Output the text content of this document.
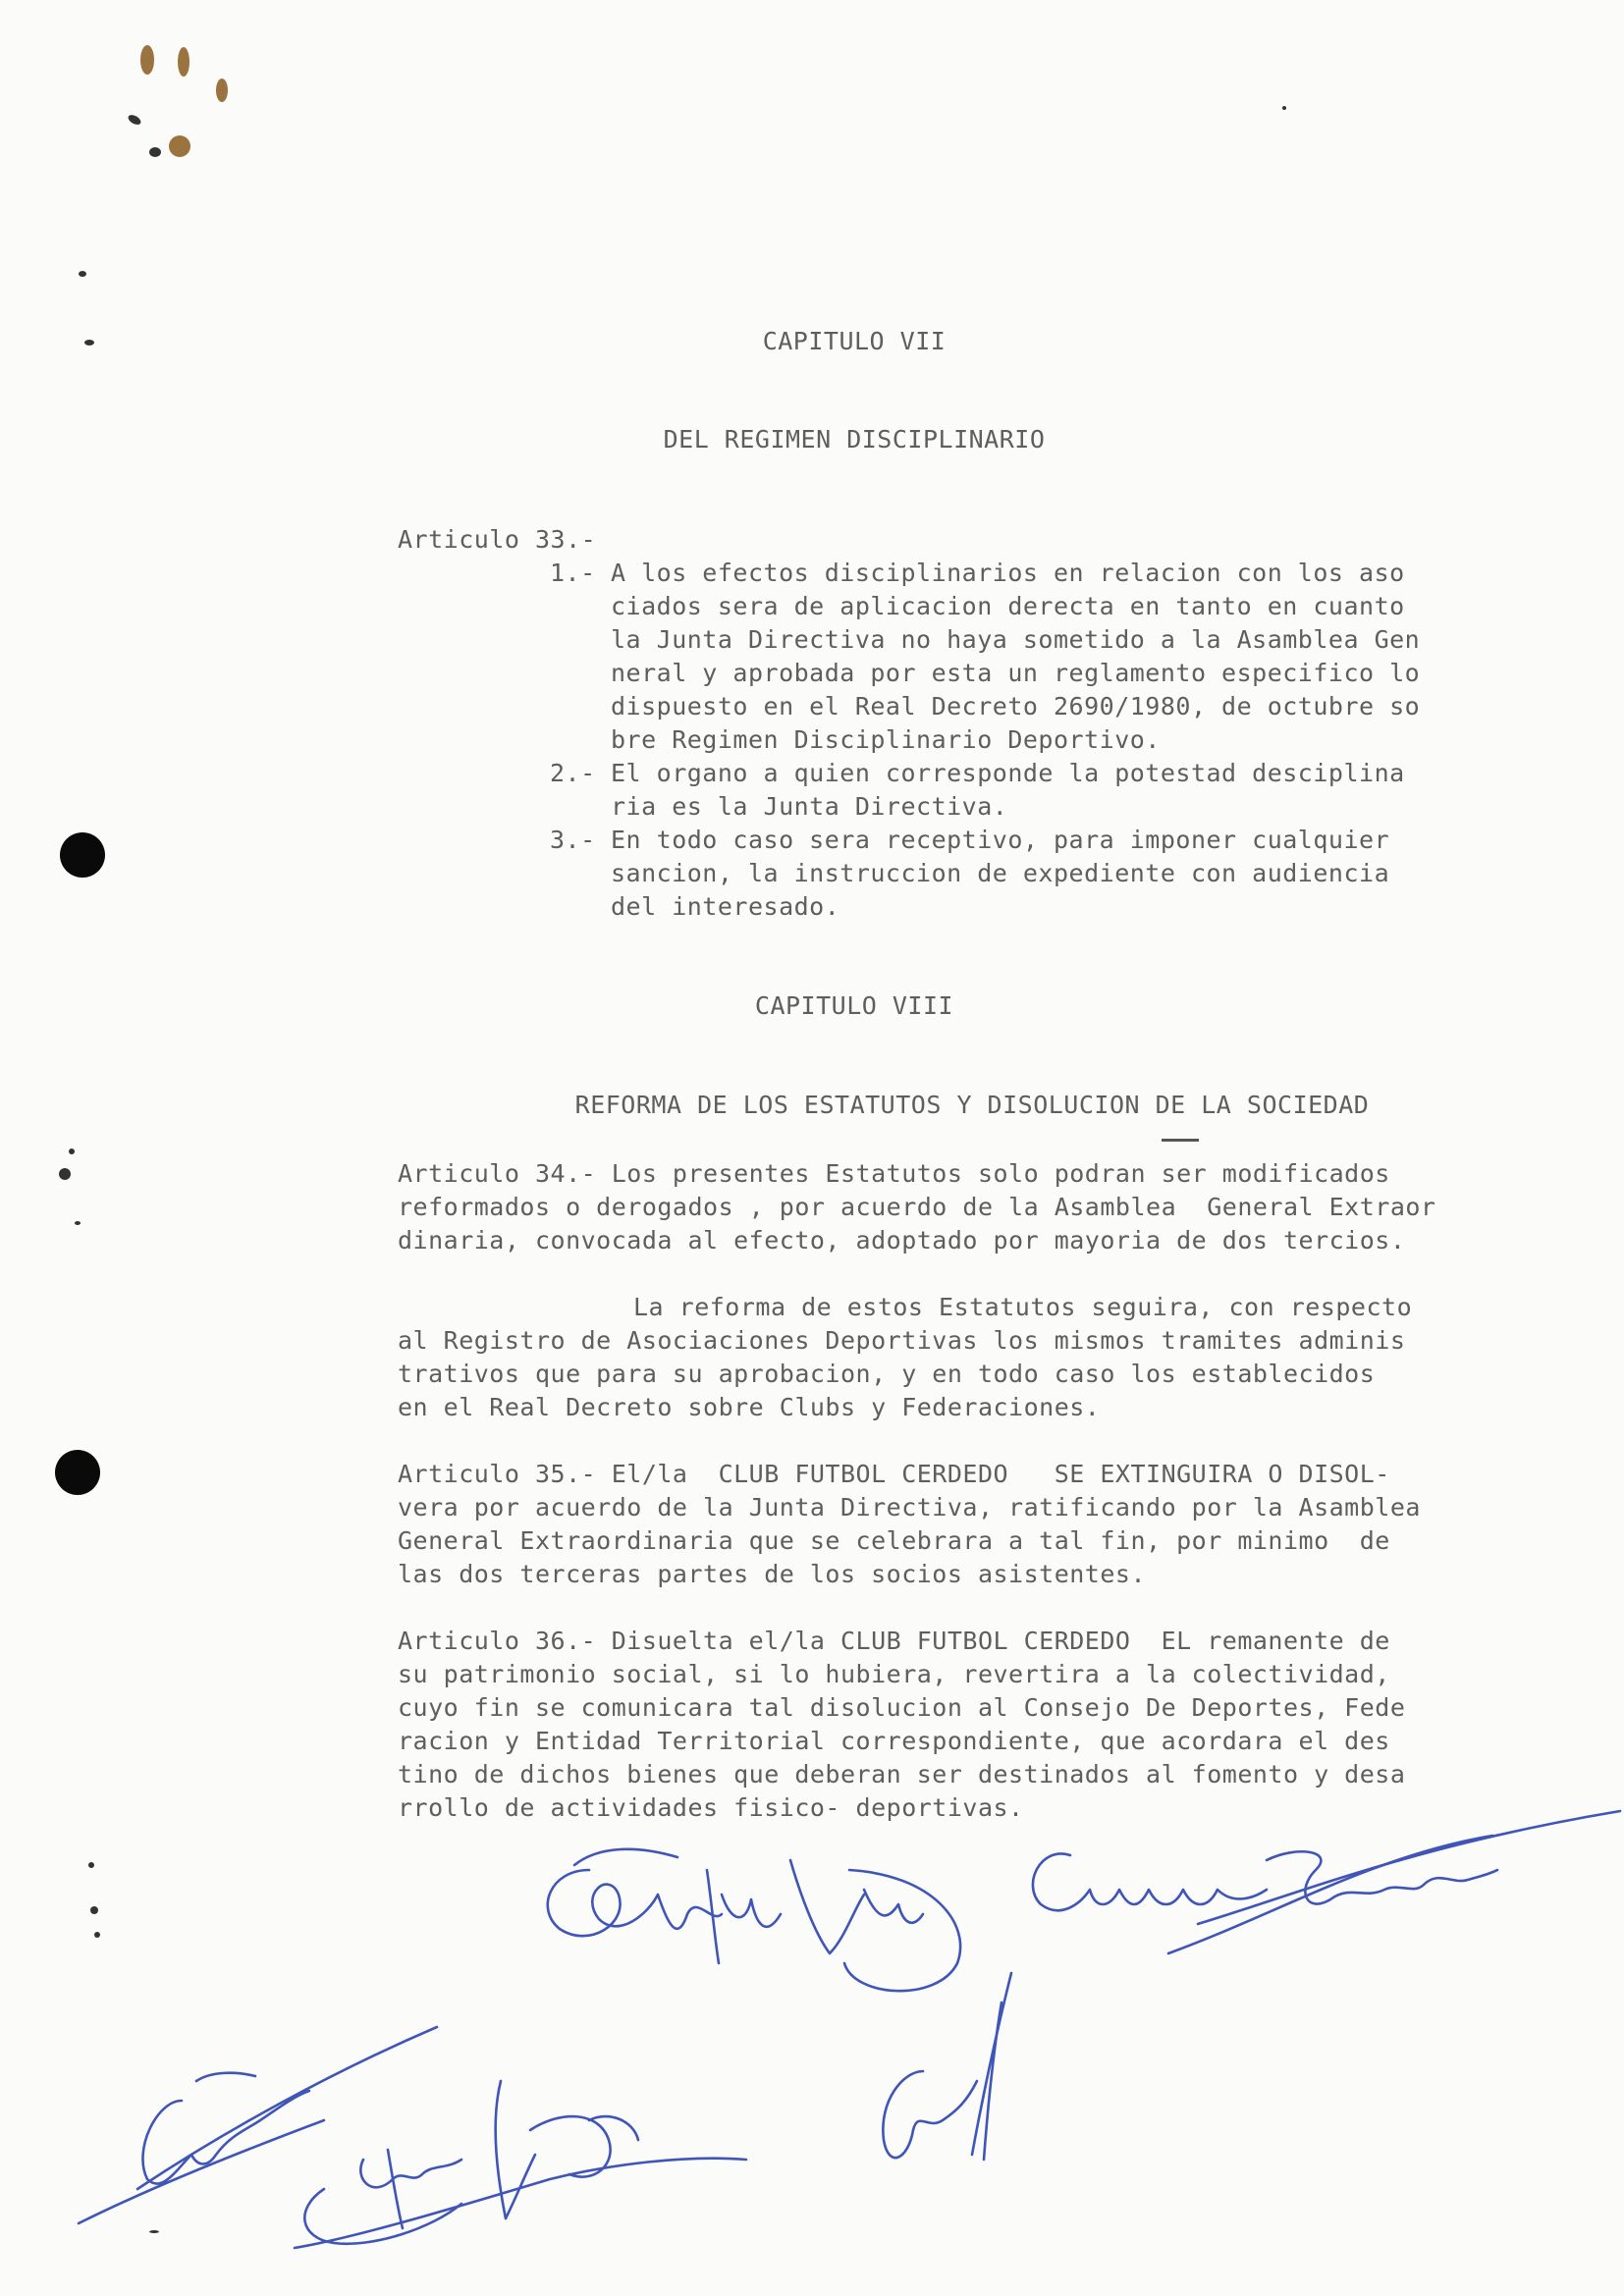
CAPITULO VII
DEL REGIMEN DISCIPLINARIO
Articulo 33.-
1.- A los efectos disciplinarios en relacion con los aso
ciados sera de aplicacion derecta en tanto en cuanto
la Junta Directiva no haya sometido a la Asamblea Gen
neral y aprobada por esta un reglamento especifico lo
dispuesto en el Real Decreto 2690/1980, de octubre so
bre Regimen Disciplinario Deportivo.
2.- El organo a quien corresponde la potestad desciplina
ria es la Junta Directiva.
3.- En todo caso sera receptivo, para imponer cualquier
sancion, la instruccion de expediente con audiencia
del interesado.
CAPITULO VIII
REFORMA DE LOS ESTATUTOS Y DISOLUCION DE LA SOCIEDAD
Articulo 34.- Los presentes Estatutos solo podran ser modificados
reformados o derogados , por acuerdo de la Asamblea  General Extraor
dinaria, convocada al efecto, adoptado por mayoria de dos tercios.
La reforma de estos Estatutos seguira, con respecto
al Registro de Asociaciones Deportivas los mismos tramites adminis
trativos que para su aprobacion, y en todo caso los establecidos
en el Real Decreto sobre Clubs y Federaciones.
Articulo 35.- El/la  CLUB FUTBOL CERDEDO   SE EXTINGUIRA O DISOL-
vera por acuerdo de la Junta Directiva, ratificando por la Asamblea
General Extraordinaria que se celebrara a tal fin, por minimo  de
las dos terceras partes de los socios asistentes.
Articulo 36.- Disuelta el/la CLUB FUTBOL CERDEDO  EL remanente de
su patrimonio social, si lo hubiera, revertira a la colectividad,
cuyo fin se comunicara tal disolucion al Consejo De Deportes, Fede
racion y Entidad Territorial correspondiente, que acordara el des
tino de dichos bienes que deberan ser destinados al fomento y desa
rrollo de actividades fisico- deportivas.
